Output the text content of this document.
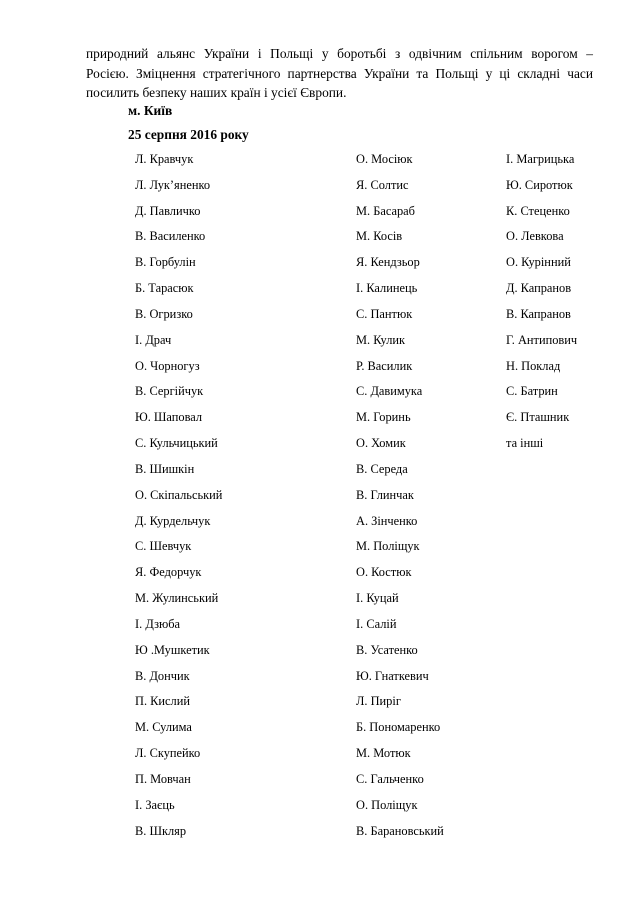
природний альянс України і Польщі у боротьбі з одвічним спільним ворогом –
Росією. Зміцнення стратегічного партнерства України та Польщі у ці складні часи
посилить безпеку наших країн і усієї Європи.

м. Київ

25 серпня 2016 року

Л. Кравчук	О. Мосіюк	І. Магрицька
Л. Лук’яненко	Я. Солтис	Ю. Сиротюк
Д. Павличко	М. Басараб	К. Стеценко
В. Василенко	М. Косів	О. Левкова
В. Горбулін	Я. Кендзьор	О. Курінний
Б. Тарасюк	І. Калинець	Д. Капранов
В. Огризко	С. Пантюк	В. Капранов
І. Драч	М. Кулик	Г. Антипович
О. Чорногуз	Р. Василик	Н. Поклад
В. Сергійчук	С. Давимука	С. Батрин
Ю. Шаповал	М. Горинь	Є. Пташник
С. Кульчицький	О. Хомик	та інші
В. Шишкін	В. Середа
О. Скіпальський	В. Глинчак
Д. Курдельчук	А. Зінченко
С. Шевчук	М. Поліщук
Я. Федорчук	О. Костюк
М. Жулинський	І. Куцай
І. Дзюба	І. Салій
Ю .Мушкетик	В. Усатенко
В. Дончик	Ю. Гнаткевич
П. Кислий	Л. Пиріг
М. Сулима	Б. Пономаренко
Л. Скупейко	М. Мотюк
П. Мовчан	С. Гальченко
І. Заєць	О. Поліщук
В. Шкляр	В. Барановський
